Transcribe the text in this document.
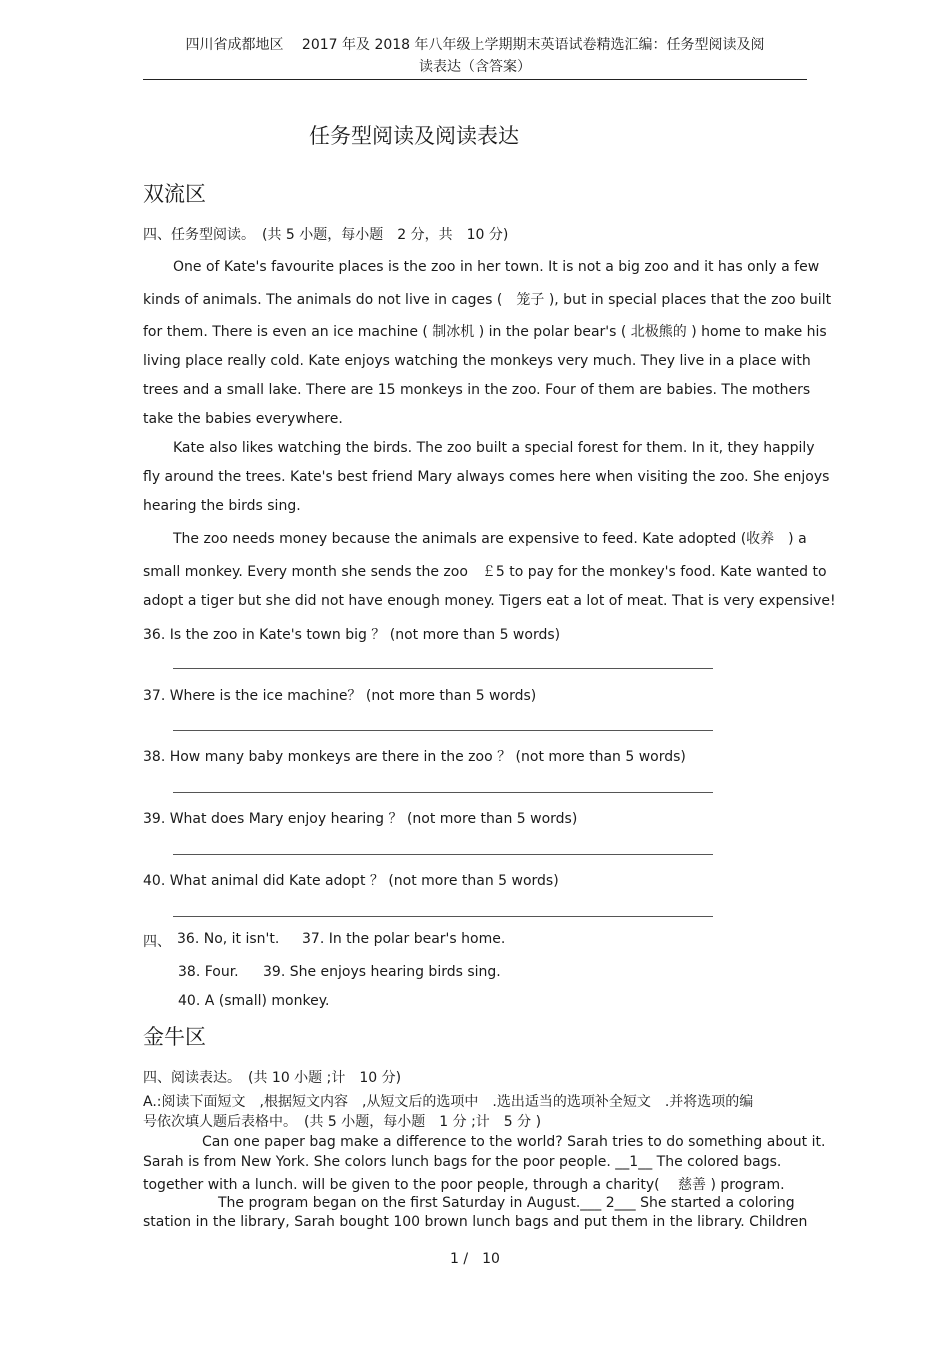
四川省成都地区　 2017 年及 2018 年八年级上学期期末英语试卷精选汇编：任务型阅读及阅
读表达（含答案）
任务型阅读及阅读表达
双流区
四、任务型阅读。　(共 5 小题，每小题　2 分，共　10 分)
One of Kate's favourite places is the zoo in her town. It is not a big zoo and it has only a few
kinds of animals. The animals do not live in cages (　笼子 ), but in special places that the zoo built
for them. There is even an ice machine ( 制冰机 ) in the polar bear's ( 北极熊的 ) home to make his
living place really cold. Kate enjoys watching the monkeys very much. They live in a place with
trees and a small lake. There are 15 monkeys in the zoo. Four of them are babies. The mothers
take the babies everywhere.
Kate also likes watching the birds. The zoo built a special forest for them. In it, they happily
fly around the trees. Kate's best friend Mary always comes here when visiting the zoo. She enjoys
hearing the birds sing.
The zoo needs money because the animals are expensive to feed. Kate adopted (收养　) a
small monkey. Every month she sends the zoo　￡5 to pay for the monkey's food. Kate wanted to
adopt a tiger but she did not have enough money. Tigers eat a lot of meat. That is very expensive!
36. Is the zoo in Kate's town big ？ (not more than 5 words)
37. Where is the ice machine？ (not more than 5 words)
38. How many baby monkeys are there in the zoo ？ (not more than 5 words)
39. What does Mary enjoy hearing ？ (not more than 5 words)
40. What animal did Kate adopt ？ (not more than 5 words)
四、 36. No, it isn't. 37. In the polar bear's home.
38. Four. 39. She enjoys hearing birds sing.
40. A (small) monkey.
金牛区
四、阅读表达。　(共 10 小题 ;计　10 分)
A.:阅读下面短文　,根据短文内容　,从短文后的选项中　.选出适当的选项补全短文　.并将选项的编
号依次填人题后表格中。　(共 5 小题，每小题　1 分 ;计　5 分 )
Can one paper bag make a difference to the world? Sarah tries to do something about it.
Sarah is from New York. She colors lunch bags for the poor people. __1__ The colored bags.
together with a lunch. will be given to the poor people, through a charity(　 慈善 ) program.
The program began on the first Saturday in August.___ 2___ She started a coloring
station in the library, Sarah bought 100 brown lunch bags and put them in the library. Children
1 /　10
